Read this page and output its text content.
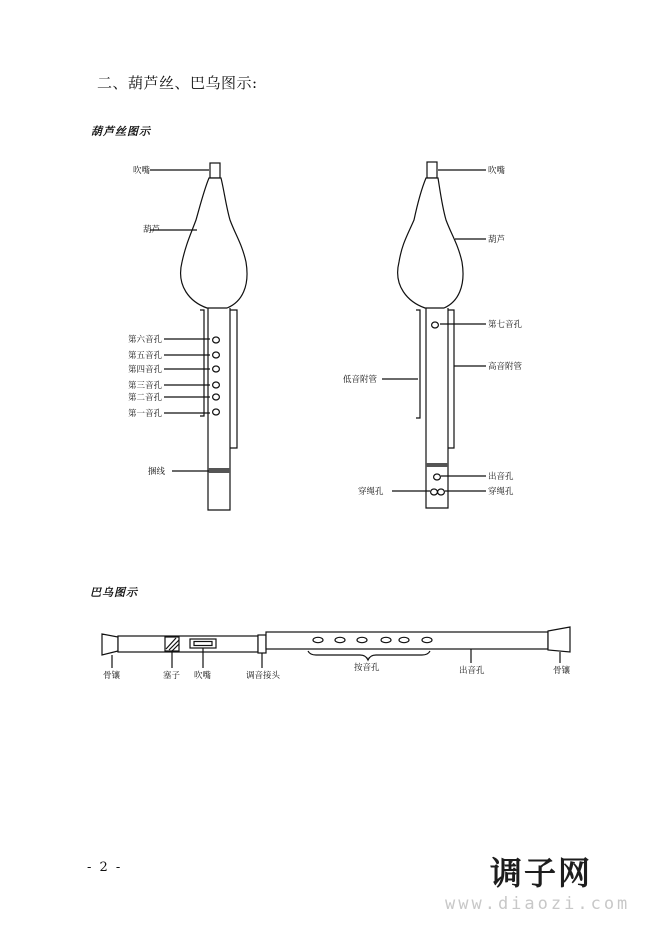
二、葫芦丝、巴乌图示:
葫芦丝图示
巴乌图示
吹嘴
葫芦
第六音孔
第五音孔
第四音孔
第三音孔
第二音孔
第一音孔
捆线
吹嘴
葫芦
第七音孔
高音附管
低音附管
出音孔
穿绳孔	穿绳孔
骨镶	塞子 吹嘴	调音接头
按音孔	出音孔	骨镶
- 2 -	调子网
www.diaozi.com
